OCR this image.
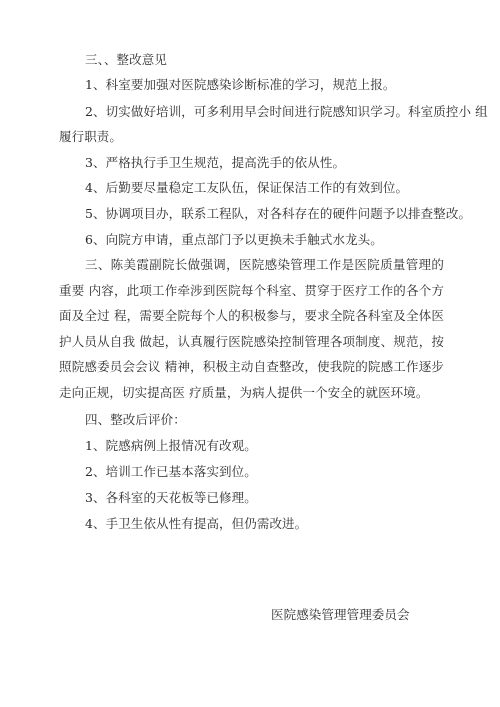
三、、整改意见
1、科室要加强对医院感染诊断标准的学习，规范上报。
2、切实做好培训，可多利用早会时间进行院感知识学习。科室质控小 组
履行职责。
3、严格执行手卫生规范，提高洗手的依从性。
4、后勤要尽量稳定工友队伍，保证保洁工作的有效到位。
5、协调项目办，联系工程队，对各科存在的硬件问题予以排查整改。
6、向院方申请，重点部门予以更换未手触式水龙头。
三、陈美霞副院长做强调，医院感染管理工作是医院质量管理的重要 内容，此项工作牵涉到医院每个科室、贯穿于医疗工作的各个方面及全过 程，需要全院每个人的积极参与，要求全院各科室及全体医护人员从自我 做起，认真履行医院感染控制管理各项制度、规范，按照院感委员会会议 精神，积极主动自查整改，使我院的院感工作逐步走向正规，切实提高医 疗质量，为病人提供一个安全的就医环境。
四、整改后评价：
1、院感病例上报情况有改观。
2、培训工作已基本落实到位。
3、各科室的天花板等已修理。
4、手卫生依从性有提高，但仍需改进。
医院感染管理管理委员会
